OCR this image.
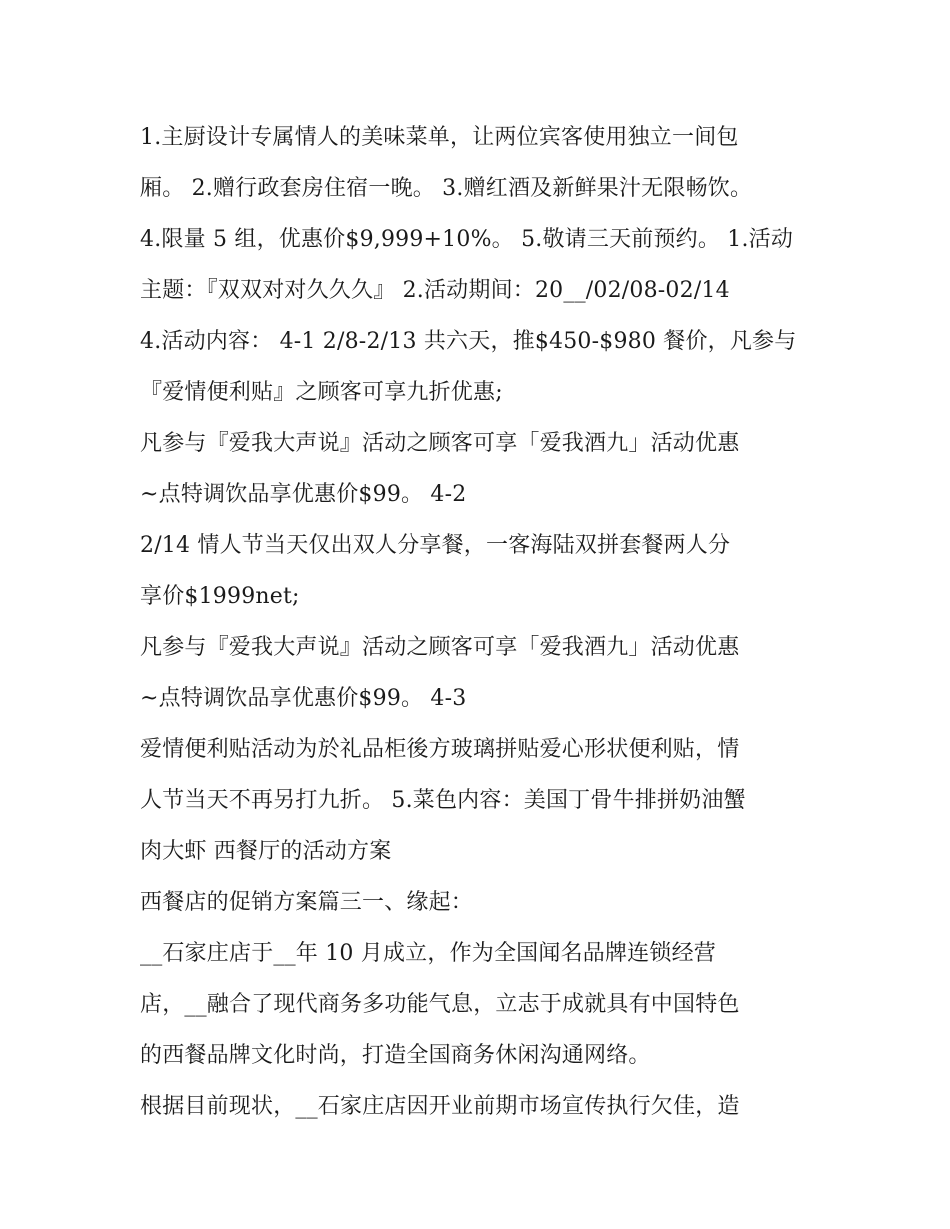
1.主厨设计专属情人的美味菜单，让两位宾客使用独立一间包
厢。 2.赠行政套房住宿一晚。 3.赠红酒及新鲜果汁无限畅饮。
4.限量 5 组，优惠价$9,999+10%。 5.敬请三天前预约。 1.活动
主题：『双双对对久久久』 2.活动期间：20__/02/08-02/14
4.活动内容： 4-1 2/8-2/13 共六天，推$450-$980 餐价，凡参与
『爱情便利贴』之顾客可享九折优惠;
凡参与『爱我大声说』活动之顾客可享「爱我酒九」活动优惠
~点特调饮品享优惠价$99。 4-2
2/14 情人节当天仅出双人分享餐，一客海陆双拼套餐两人分
享价$1999net;
凡参与『爱我大声说』活动之顾客可享「爱我酒九」活动优惠
~点特调饮品享优惠价$99。 4-3
爱情便利贴活动为於礼品柜後方玻璃拼贴爱心形状便利贴，情
人节当天不再另打九折。 5.菜色内容：美国丁骨牛排拼奶油蟹
肉大虾 西餐厅的活动方案
西餐店的促销方案篇三一、缘起：
__石家庄店于__年 10 月成立，作为全国闻名品牌连锁经营
店，__融合了现代商务多功能气息，立志于成就具有中国特色
的西餐品牌文化时尚，打造全国商务休闲沟通网络。
根据目前现状，__石家庄店因开业前期市场宣传执行欠佳，造
